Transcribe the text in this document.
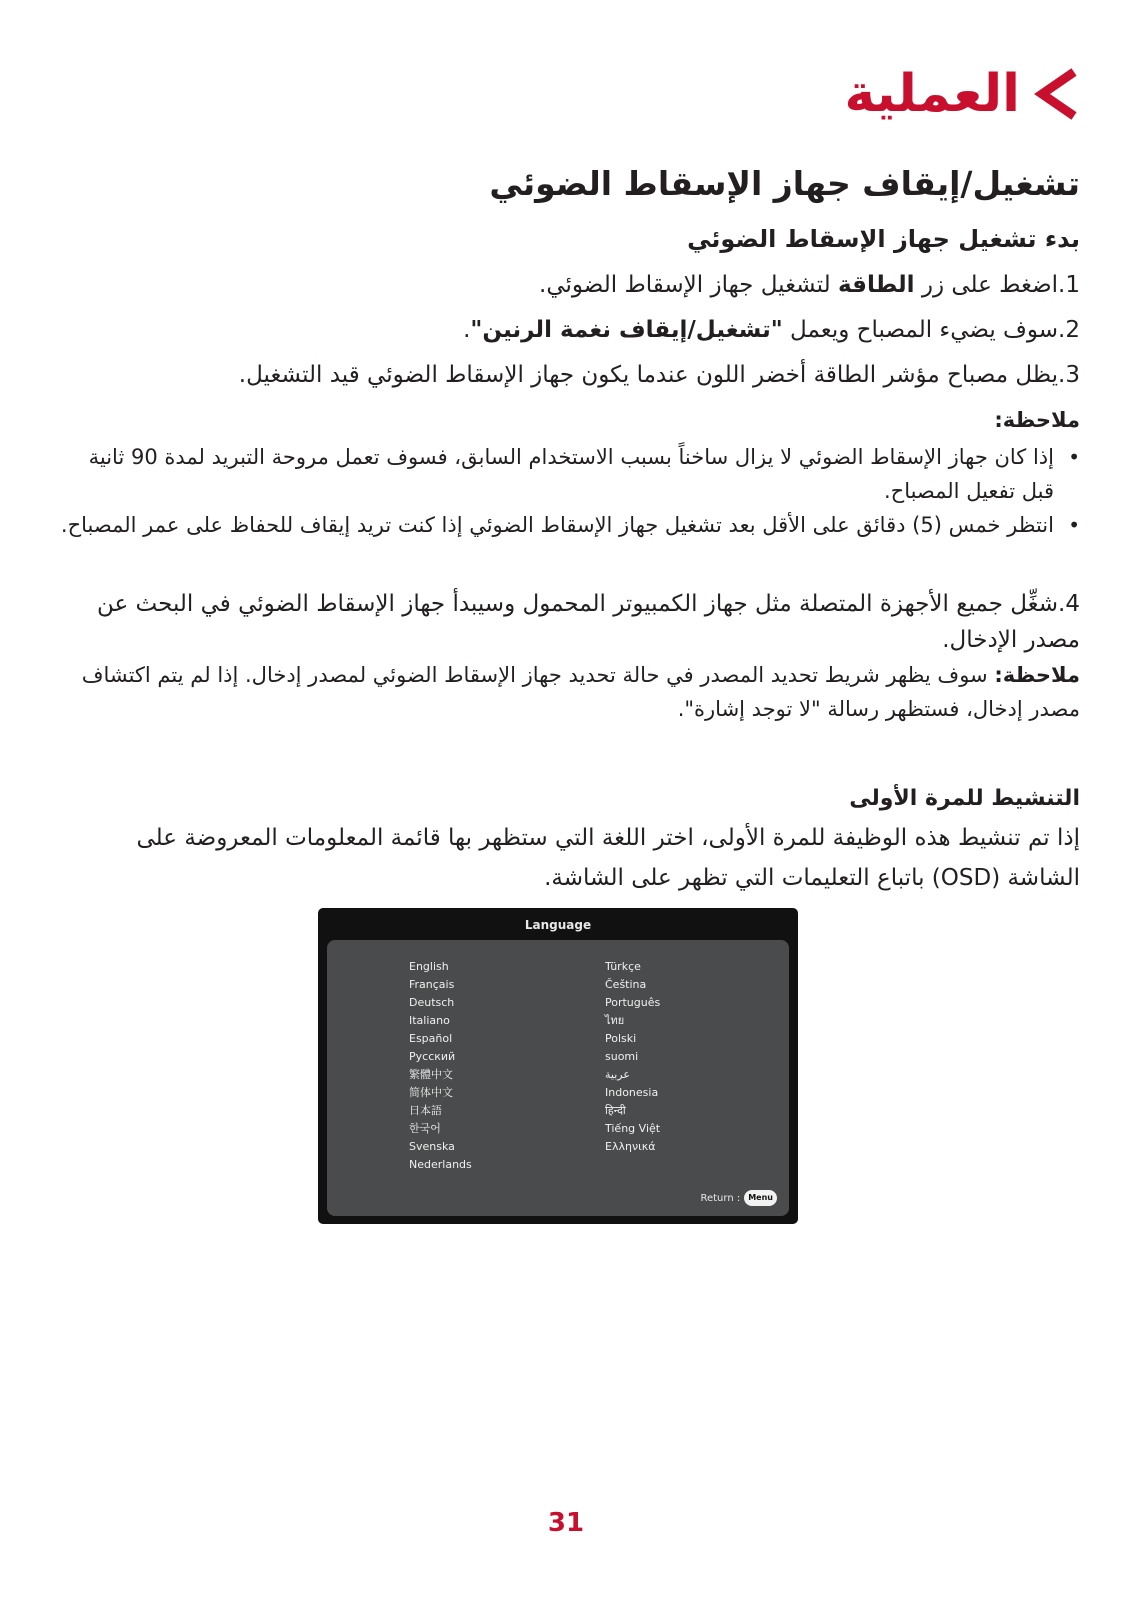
العملية
تشغيل/إيقاف جهاز الإسقاط الضوئي
بدء تشغيل جهاز الإسقاط الضوئي
1.اضغط على زر الطاقة لتشغيل جهاز الإسقاط الضوئي.
2.سوف يضيء المصباح ويعمل "تشغيل/إيقاف نغمة الرنين".
3.يظل مصباح مؤشر الطاقة أخضر اللون عندما يكون جهاز الإسقاط الضوئي قيد التشغيل.
ملاحظة:
• إذا كان جهاز الإسقاط الضوئي لا يزال ساخناً بسبب الاستخدام السابق، فسوف تعمل مروحة التبريد لمدة 90 ثانية قبل تفعيل المصباح.
• انتظر خمس (5) دقائق على الأقل بعد تشغيل جهاز الإسقاط الضوئي إذا كنت تريد إيقاف للحفاظ على عمر المصباح.
4.شغِّل جميع الأجهزة المتصلة مثل جهاز الكمبيوتر المحمول وسيبدأ جهاز الإسقاط الضوئي في البحث عن مصدر الإدخال.
ملاحظة: سوف يظهر شريط تحديد المصدر في حالة تحديد جهاز الإسقاط الضوئي لمصدر إدخال. إذا لم يتم اكتشاف مصدر إدخال، فستظهر رسالة "لا توجد إشارة".
التنشيط للمرة الأولى
إذا تم تنشيط هذه الوظيفة للمرة الأولى، اختر اللغة التي ستظهر بها قائمة المعلومات المعروضة على الشاشة (OSD) باتباع التعليمات التي تظهر على الشاشة.
Language
English
Français
Deutsch
Italiano
Español
Русский
繁體中文
简体中文
日本語
한국어
Svenska
Nederlands
Türkçe
Čeština
Português
ไทย
Polski
suomi
عربية
Indonesia
हिन्दी
Tiếng Việt
Ελληνικά
Return :	Menu
31
